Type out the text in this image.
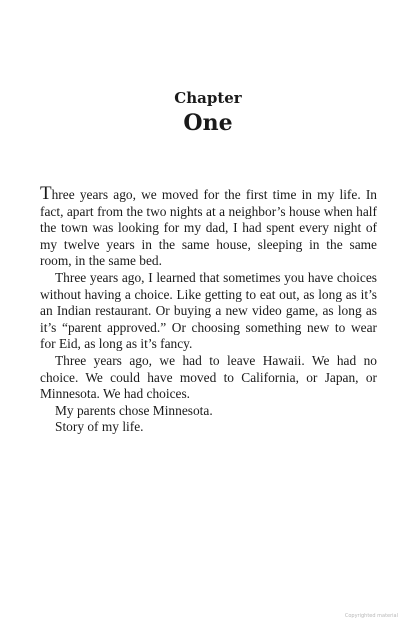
Chapter
One

Three years ago, we moved for the first time in my life. In fact, apart from the two nights at a neighbor’s house when half the town was looking for my dad, I had spent every night of my twelve years in the same house, sleeping in the same room, in the same bed.

Three years ago, I learned that sometimes you have choices without having a choice. Like getting to eat out, as long as it’s an Indian restaurant. Or buying a new video game, as long as it’s “parent approved.” Or choosing something new to wear for Eid, as long as it’s fancy.

Three years ago, we had to leave Hawaii. We had no choice. We could have moved to California, or Japan, or Minnesota. We had choices.

My parents chose Minnesota.

Story of my life.

Copyrighted material
